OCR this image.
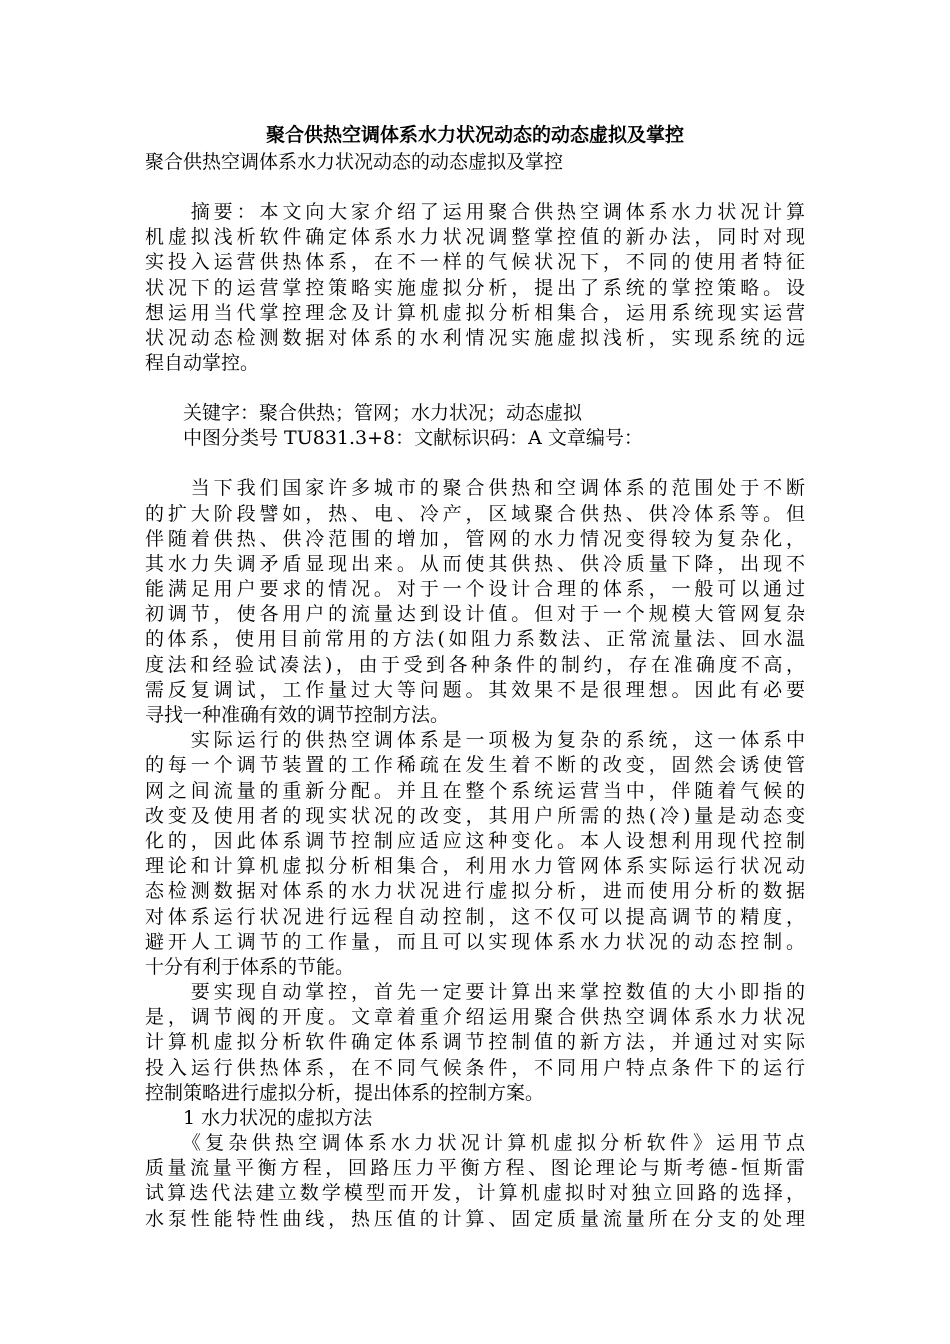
聚合供热空调体系水力状况动态的动态虚拟及掌控

聚合供热空调体系水力状况动态的动态虚拟及掌控

　　摘要：本文向大家介绍了运用聚合供热空调体系水力状况计算

机虚拟浅析软件确定体系水力状况调整掌控值的新办法，同时对现

实投入运营供热体系，在不一样的气候状况下，不同的使用者特征

状况下的运营掌控策略实施虚拟分析，提出了系统的掌控策略。设

想运用当代掌控理念及计算机虚拟分析相集合，运用系统现实运营

状况动态检测数据对体系的水利情况实施虚拟浅析，实现系统的远

程自动掌控。

　　关键字：聚合供热；管网；水力状况；动态虚拟

　　中图分类号 TU831.3+8：文献标识码：A 文章编号：

　　当下我们国家许多城市的聚合供热和空调体系的范围处于不断

的扩大阶段譬如，热、电、冷产，区域聚合供热、供冷体系等。但

伴随着供热、供冷范围的增加，管网的水力情况变得较为复杂化，

其水力失调矛盾显现出来。从而使其供热、供冷质量下降，出现不

能满足用户要求的情况。对于一个设计合理的体系，一般可以通过

初调节，使各用户的流量达到设计值。但对于一个规模大管网复杂

的体系，使用目前常用的方法(如阻力系数法、正常流量法、回水温

度法和经验试凑法)，由于受到各种条件的制约，存在准确度不高，

需反复调试，工作量过大等问题。其效果不是很理想。因此有必要

寻找一种准确有效的调节控制方法。

　　实际运行的供热空调体系是一项极为复杂的系统，这一体系中

的每一个调节装置的工作稀疏在发生着不断的改变，固然会诱使管

网之间流量的重新分配。并且在整个系统运营当中，伴随着气候的

改变及使用者的现实状况的改变，其用户所需的热(冷)量是动态变

化的，因此体系调节控制应适应这种变化。本人设想利用现代控制

理论和计算机虚拟分析相集合，利用水力管网体系实际运行状况动

态检测数据对体系的水力状况进行虚拟分析，进而使用分析的数据

对体系运行状况进行远程自动控制，这不仅可以提高调节的精度，

避开人工调节的工作量，而且可以实现体系水力状况的动态控制。

十分有利于体系的节能。

　　要实现自动掌控，首先一定要计算出来掌控数值的大小即指的

是，调节阀的开度。文章着重介绍运用聚合供热空调体系水力状况

计算机虚拟分析软件确定体系调节控制值的新方法，并通过对实际

投入运行供热体系，在不同气候条件，不同用户特点条件下的运行

控制策略进行虚拟分析，提出体系的控制方案。

　　1 水力状况的虚拟方法

　　《复杂供热空调体系水力状况计算机虚拟分析软件》运用节点

质量流量平衡方程，回路压力平衡方程、图论理论与斯考德-恒斯雷

试算迭代法建立数学模型而开发，计算机虚拟时对独立回路的选择，

水泵性能特性曲线，热压值的计算、固定质量流量所在分支的处理
